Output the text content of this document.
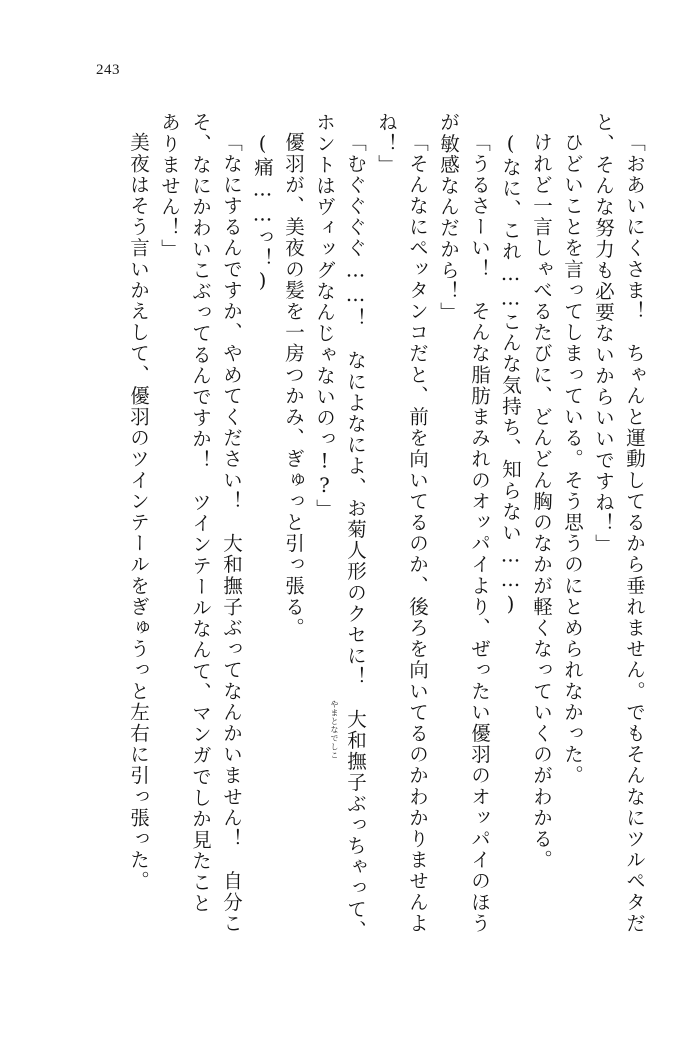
243
「おあいにくさま！　ちゃんと運動してるから垂れません。でもそんなにツルペタだ
と、そんな努力も必要ないからいいですね！」
ひどいことを言ってしまっている。そう思うのにとめられなかった。
けれど一言しゃべるたびに、どんどん胸のなかが軽くなっていくのがわかる。
(なに、これ……こんな気持ち、知らない……)
「うるさーい！　そんな脂肪まみれのオッパイより、ぜったい優羽のオッパイのほう
が敏感なんだから！」
「そんなにペッタンコだと、前を向いてるのか、後ろを向いてるのかわかりませんよ
ね！」
「むぐぐぐぐ……！　なによなによ、お菊人形のクセに！　大和撫子ぶっちゃって、
ホントはヴィッグなんじゃないのっ!?」
優羽が、美夜の髪を一房つかみ、ぎゅっと引っ張る。
(痛……っ！)
「なにするんですか、やめてください！　大和撫子ぶってなんかいません！　自分こ
そ、なにかわいこぶってるんですか！　ツインテールなんて、マンガでしか見たこと
ありません！」
美夜はそう言いかえして、優羽のツインテールをぎゅうっと左右に引っ張った。	やまとなでしこ
